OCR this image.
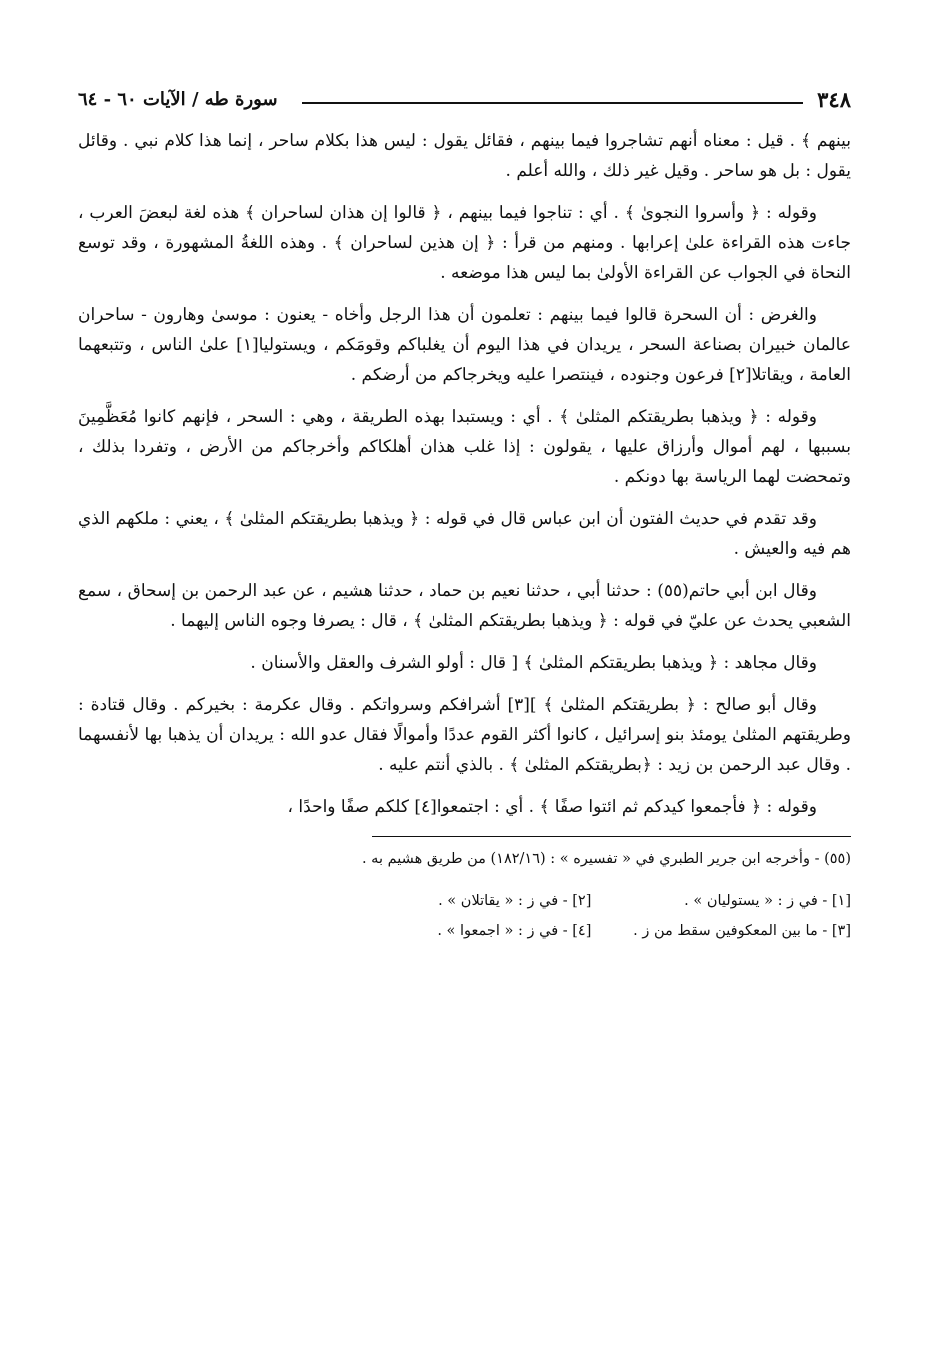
٣٤٨
سورة طه / الآيات ٦٠ - ٦٤

بينهم ﴾ . قيل : معناه أنهم تشاجروا فيما بينهم ، فقائل يقول : ليس هذا بكلام ساحر ، إنما هذا كلام نبي . وقائل يقول : بل هو ساحر . وقيل غير ذلك ، والله أعلم .

وقوله : ﴿ وأسروا النجوىٰ ﴾ . أي : تناجوا فيما بينهم ، ﴿ قالوا إن هذان لساحران ﴾ هذه لغة لبعضَ العرب ، جاءت هذه القراءة علىٰ إعرابها . ومنهم من قرأ : ﴿ إن هذين لساحران ﴾ . وهذه اللغةُ المشهورة ، وقد توسع النحاة في الجواب عن القراءة الأولىٰ بما ليس هذا موضعه .

والغرض : أن السحرة قالوا فيما بينهم : تعلمون أن هذا الرجل وأخاه - يعنون : موسىٰ وهارون - ساحران عالمان خبيران بصناعة السحر ، يريدان في هذا اليوم أن يغلباكم وقومَكم ، ويستوليا[١] علىٰ الناس ، وتتبعهما العامة ، ويقاتلا[٢] فرعون وجنوده ، فينتصرا عليه ويخرجاكم من أرضكم .

وقوله : ﴿ ويذهبا بطريقتكم المثلىٰ ﴾ . أي : ويستبدا بهذه الطريقة ، وهي : السحر ، فإنهم كانوا مُعَظَّمِينَ بسببها ، لهم أموال وأرزاق عليها ، يقولون : إذا غلب هذان أهلكاكم وأخرجاكم من الأرض ، وتفردا بذلك ، وتمحضت لهما الرياسة بها دونكم .

وقد تقدم في حديث الفتون أن ابن عباس قال في قوله : ﴿ ويذهبا بطريقتكم المثلىٰ ﴾ ، يعني : ملكهم الذي هم فيه والعيش .

وقال ابن أبي حاتم(٥٥) : حدثنا أبي ، حدثنا نعيم بن حماد ، حدثنا هشيم ، عن عبد الرحمن بن إسحاق ، سمع الشعبي يحدث عن عليّ في قوله : ﴿ ويذهبا بطريقتكم المثلىٰ ﴾ ، قال : يصرفا وجوه الناس إليهما .

وقال مجاهد : ﴿ ويذهبا بطريقتكم المثلىٰ ﴾ [ قال : أولو الشرف والعقل والأسنان .

وقال أبو صالح : ﴿ بطريقتكم المثلىٰ ﴾ ][٣] أشرافكم وسرواتكم . وقال عكرمة : بخيركم . وقال قتادة : وطريقتهم المثلىٰ يومئذ بنو إسرائيل ، كانوا أكثر القوم عددًا وأموالًا فقال عدو الله : يريدان أن يذهبا بها لأنفسهما . وقال عبد الرحمن بن زيد : ﴿بطريقتكم المثلىٰ ﴾ . بالذي أنتم عليه .

وقوله : ﴿ فأجمعوا كيدكم ثم ائتوا صفًا ﴾ . أي : اجتمعوا[٤] كلكم صفًا واحدًا ،

(٥٥) - وأخرجه ابن جرير الطبري في « تفسيره » : (١٨٢/١٦) من طريق هشيم به .

[١] - في ز : « يستوليان » .
[٢] - في ز : « يقاتلان » .
[٣] - ما بين المعكوفين سقط من ز .
[٤] - في ز : « اجمعوا » .
